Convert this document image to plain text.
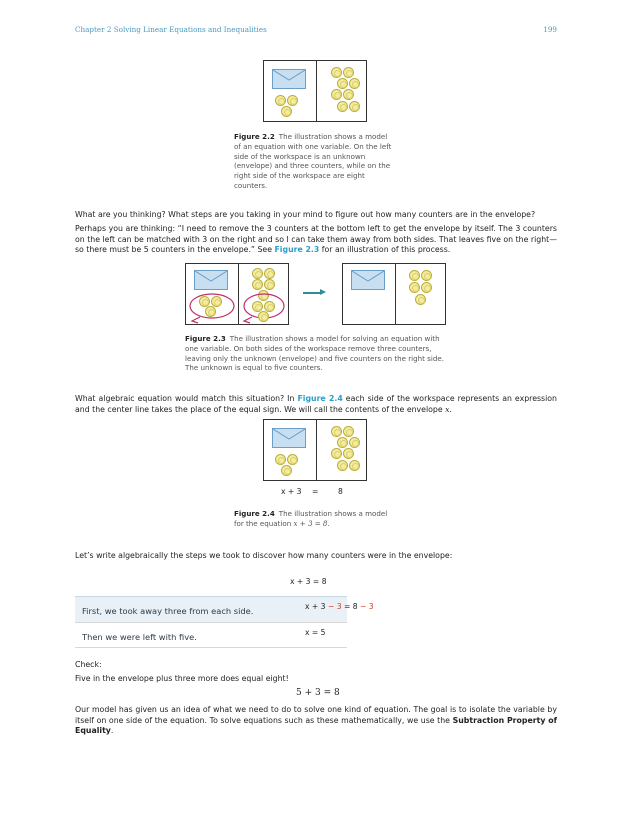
Chapter 2 Solving Linear Equations and Inequalities	199
Figure 2.2 The illustration shows a model of an equation with one variable. On the left side of the workspace is an unknown (envelope) and three counters, while on the right side of the workspace are eight counters.
What are you thinking? What steps are you taking in your mind to figure out how many counters are in the envelope?
Perhaps you are thinking: “I need to remove the 3 counters at the bottom left to get the envelope by itself. The 3 counters on the left can be matched with 3 on the right and so I can take them away from both sides. That leaves five on the right—so there must be 5 counters in the envelope.” See Figure 2.3 for an illustration of this process.
Figure 2.3 The illustration shows a model for solving an equation with one variable. On both sides of the workspace remove three counters, leaving only the unknown (envelope) and five counters on the right side. The unknown is equal to five counters.
What algebraic equation would match this situation? In Figure 2.4 each side of the workspace represents an expression and the center line takes the place of the equal sign. We will call the contents of the envelope x.
x + 3 =	8
Figure 2.4 The illustration shows a model for the equation x + 3 = 8.
Let’s write algebraically the steps we took to discover how many counters were in the envelope:
x + 3 = 8
First, we took away three from each side.	x + 3 − 3 = 8 − 3
Then we were left with five.	x = 5
Check:
Five in the envelope plus three more does equal eight!
5 + 3 = 8
Our model has given us an idea of what we need to do to solve one kind of equation. The goal is to isolate the variable by itself on one side of the equation. To solve equations such as these mathematically, we use the Subtraction Property of Equality.
